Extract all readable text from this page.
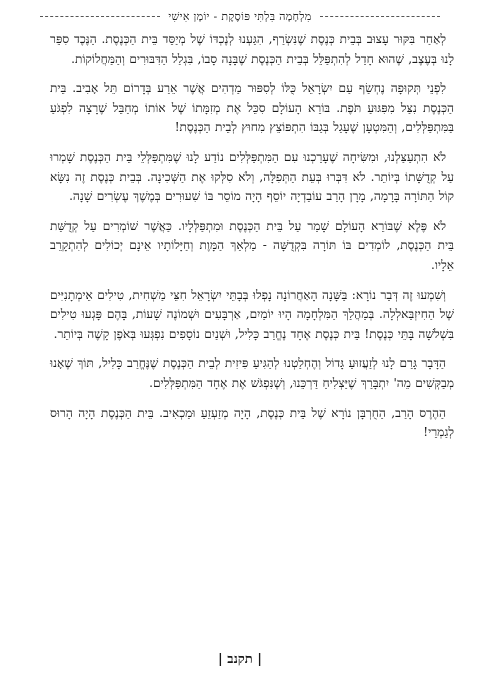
מִלְחָמָה בִּלְתִּי פּוֹסֶקֶת - יוֹמָן אִישִׁי

לְאַחַר בִּקּוּר עָצוּב בְּבֵית כְּנֶסֶת שֶׁנִּשְׂרַף, הִגַּעְנוּ לְנֶכְדּוֹ שֶׁל מְיַסֵּד בֵּית הַכְּנֶסֶת. הַנֶּכֶד סִפֵּר לָנוּ בְּעֶצֶב, שֶׁהוּא חָדַל לְהִתְפַּלֵּל בְּבֵית הַכְּנֶסֶת שֶׁבָּנָה סָבוֹ, בִּגְלַל הַדִּבּוּרִים וְהַמַּחֲלוֹקוֹת.

לִפְנֵי תְּקוּפָה נֶחְשַׂף עַם יִשְׂרָאֵל כֻּלּוֹ לְסִפּוּר מַדְהִים אֲשֶׁר אֵרַע בְּדָרוֹם תֵּל אָבִיב. בֵּית הַכְּנֶסֶת נִצַּל מִפִּגּוּעַ תֹּפֶת. בּוֹרֵא הָעוֹלָם סִכֵּל אֶת מְזִמָּתוֹ שֶׁל אוֹתוֹ מְחַבֵּל שֶׁרָצָה לִפְגֹּעַ בַּמִּתְפַּלְּלִים, וְהַמִּטְעָן שֶׁעָגַל בְּגַבּוֹ הִתְפּוֹצֵץ מִחוּץ לְבֵית הַכְּנֶסֶת!

לֹא הִתְעַצַּלְנוּ, וּמִשִּׂיחָה שֶׁעָרַכְנוּ עִם הַמִּתְפַּלְּלִים נוֹדַע לָנוּ שֶׁמִּתְפַּלְּלֵי בֵּית הַכְּנֶסֶת שָׁמְרוּ עַל קְדֻשָּׁתוֹ בְּיוֹתֵר. לֹא דִּבְּרוּ בְּעֵת הַתְּפִלָּה, וְלֹא סִלְּקוּ אֶת הַשְּׁכִינָה. בְּבֵית כְּנֶסֶת זֶה נִשָּׂא קוֹל הַתּוֹרָה בָּרָמָה, מָרָן הָרַב עוֹבַדְיָה יוֹסֵף הָיָה מוֹסֵר בּוֹ שִׁעוּרִים בְּמֶשֶׁךְ עֶשְׂרִים שָׁנָה.

לֹא פֶּלֶא שֶׁבּוֹרֵא הָעוֹלָם שָׁמַר עַל בֵּית הַכְּנֶסֶת וּמִתְפַּלְּלָיו. כַּאֲשֶׁר שׁוֹמְרִים עַל קְדֻשַּׁת בֵּית הַכְּנֶסֶת, לוֹמְדִים בּוֹ תּוֹרָה בִּקְדֻשָּׁה - מַלְאַךְ הַמָּוֶת וְחַיָּלוֹתָיו אֵינָם יְכוֹלִים לְהִתְקָרֵב אֵלָיו.

וְשִׁמְעוּ זֶה דְּבַר נוֹרָא: בַּשָּׁנָה הָאַחֲרוֹנָה נָפְלוּ בְּבָתֵּי יִשְׂרָאֵל חִצֵּי מַשְׁחִית, טִילִים אֵימְתָנִיִּים שֶׁל הַחִיזְבַּאלְלָה. בְּמַהֲלַךְ הַמִּלְחָמָה הָיוּ יוֹמַיִם, אַרְבָּעִים וּשְׁמוֹנֶה שָׁעוֹת, בָּהֶם פָּגְעוּ טִילִים בִּשְׁלֹשָׁה בָּתֵּי כְּנֶסֶת! בֵּית כְּנֶסֶת אֶחָד נֶחֱרַב כָּלִיל, וּשְׁנַיִם נוֹסָפִים נִפְגְּעוּ בְּאֹפֶן קָשֶׁה בְּיוֹתֵר.

הַדָּבָר גָּרַם לָנוּ לְזַעֲזוּעַ גָּדוֹל וְהֶחְלַטְנוּ לְהַגִּיעַ פִּיזִית לְבֵית הַכְּנֶסֶת שֶׁנֶּחֱרַב כָּלִיל, תּוֹךְ שֶׁאָנוּ מְבַקְּשִׁים מֵה' יִתְבָּרַךְ שֶׁיַּצְלִיחַ דַּרְכֵּנוּ, וְשֶׁנִּפְגֹּשׁ אֶת אֶחָד הַמִּתְפַּלְּלִים.

הַהֶרֶס הָרַב, הַחֻרְבָּן נוֹרָא שֶׁל בֵּית כְּנֶסֶת, הָיָה מְזַעְזֵעַ וּמַכְאִיב. בֵּית הַכְּנֶסֶת הָיָה הָרוּס לְגַמְרֵי!

| תקנב |
